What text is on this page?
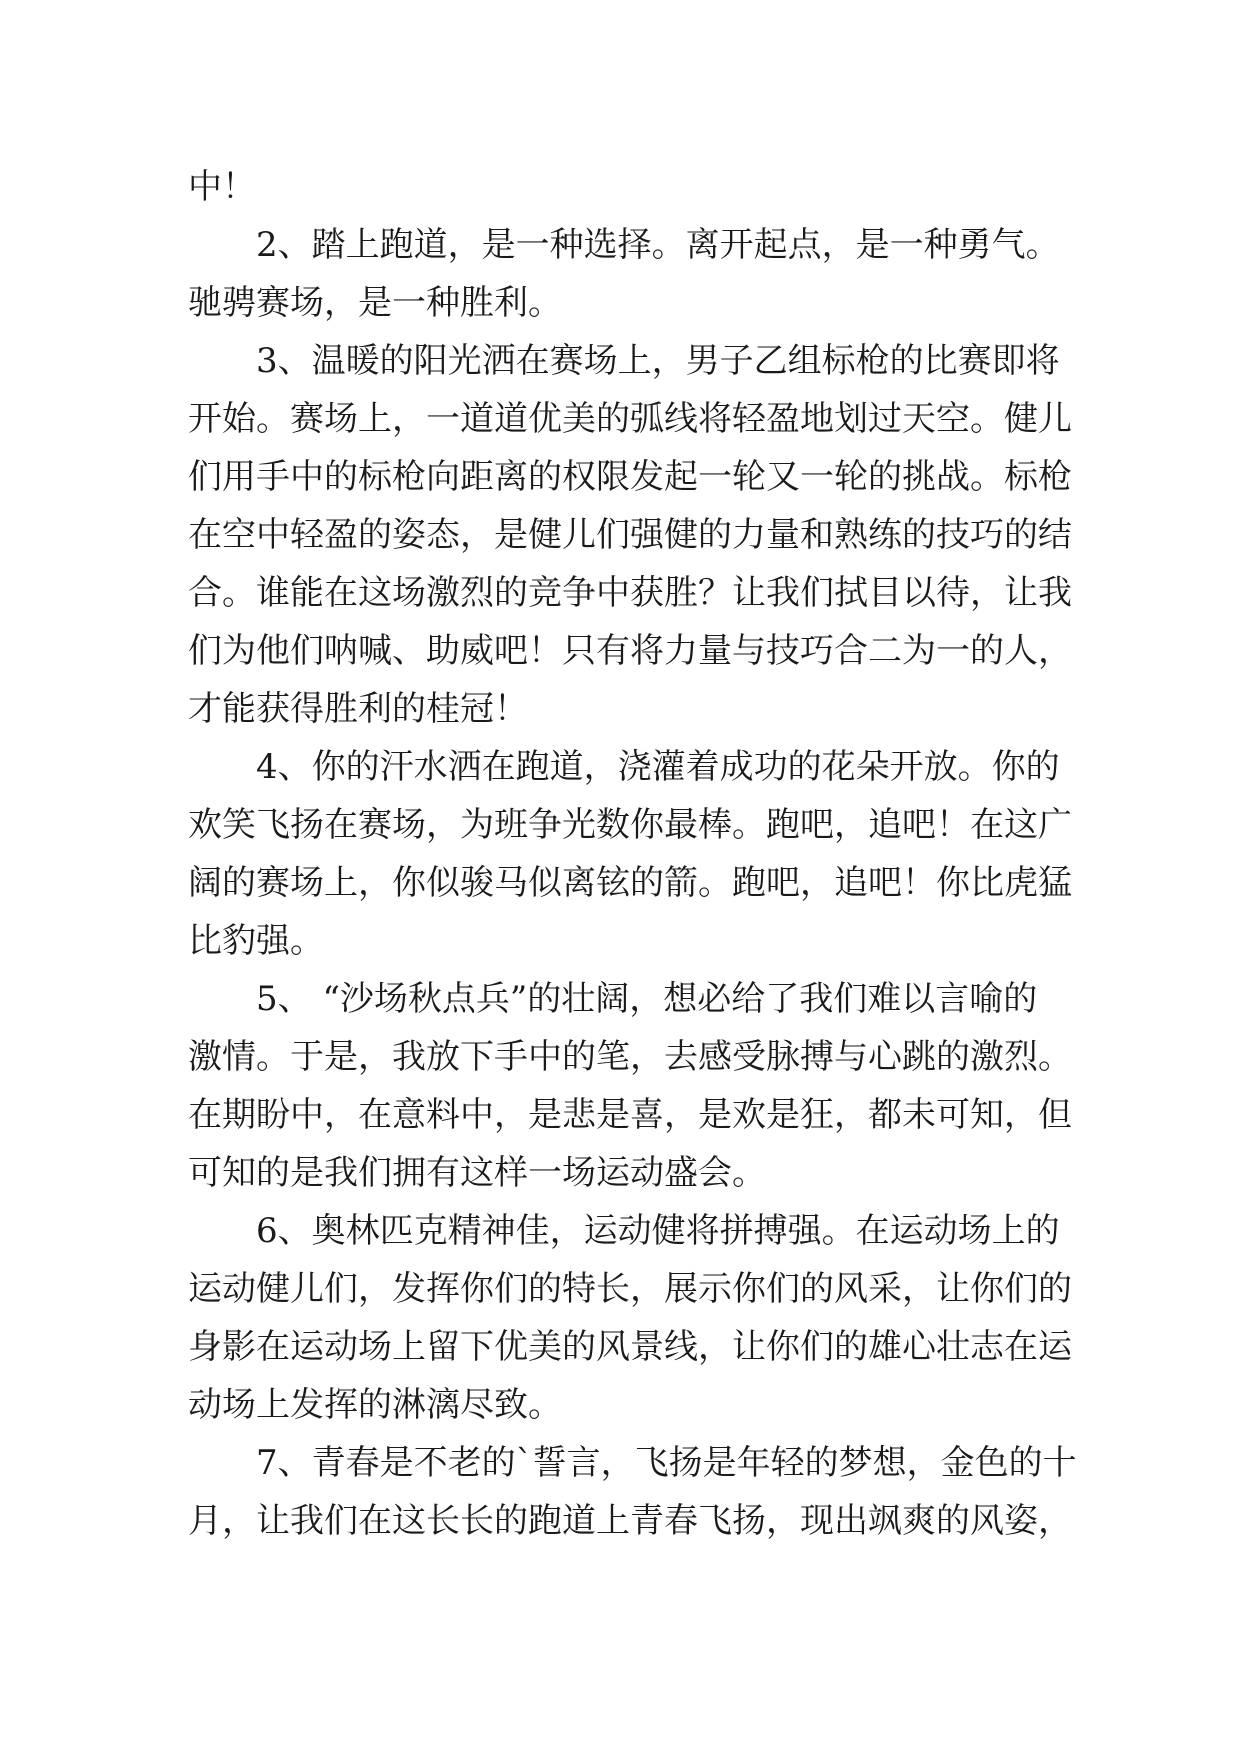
中！
2、踏上跑道，是一种选择。离开起点，是一种勇气。
驰骋赛场，是一种胜利。
3、温暖的阳光洒在赛场上，男子乙组标枪的比赛即将
开始。赛场上，一道道优美的弧线将轻盈地划过天空。健儿
们用手中的标枪向距离的权限发起一轮又一轮的挑战。标枪
在空中轻盈的姿态，是健儿们强健的力量和熟练的技巧的结
合。谁能在这场激烈的竞争中获胜？让我们拭目以待，让我
们为他们呐喊、助威吧！只有将力量与技巧合二为一的人，
才能获得胜利的桂冠！
4、你的汗水洒在跑道，浇灌着成功的花朵开放。你的
欢笑飞扬在赛场，为班争光数你最棒。跑吧，追吧！在这广
阔的赛场上，你似骏马似离铉的箭。跑吧，追吧！你比虎猛
比豹强。
5、 “沙场秋点兵”的壮阔，想必给了我们难以言喻的
激情。于是，我放下手中的笔，去感受脉搏与心跳的激烈。
在期盼中，在意料中，是悲是喜，是欢是狂，都未可知，但
可知的是我们拥有这样一场运动盛会。
6、奥林匹克精神佳，运动健将拼搏强。在运动场上的
运动健儿们，发挥你们的特长，展示你们的风采，让你们的
身影在运动场上留下优美的风景线，让你们的雄心壮志在运
动场上发挥的淋漓尽致。
7、青春是不老的`誓言，飞扬是年轻的梦想，金色的十
月，让我们在这长长的跑道上青春飞扬，现出飒爽的风姿，
